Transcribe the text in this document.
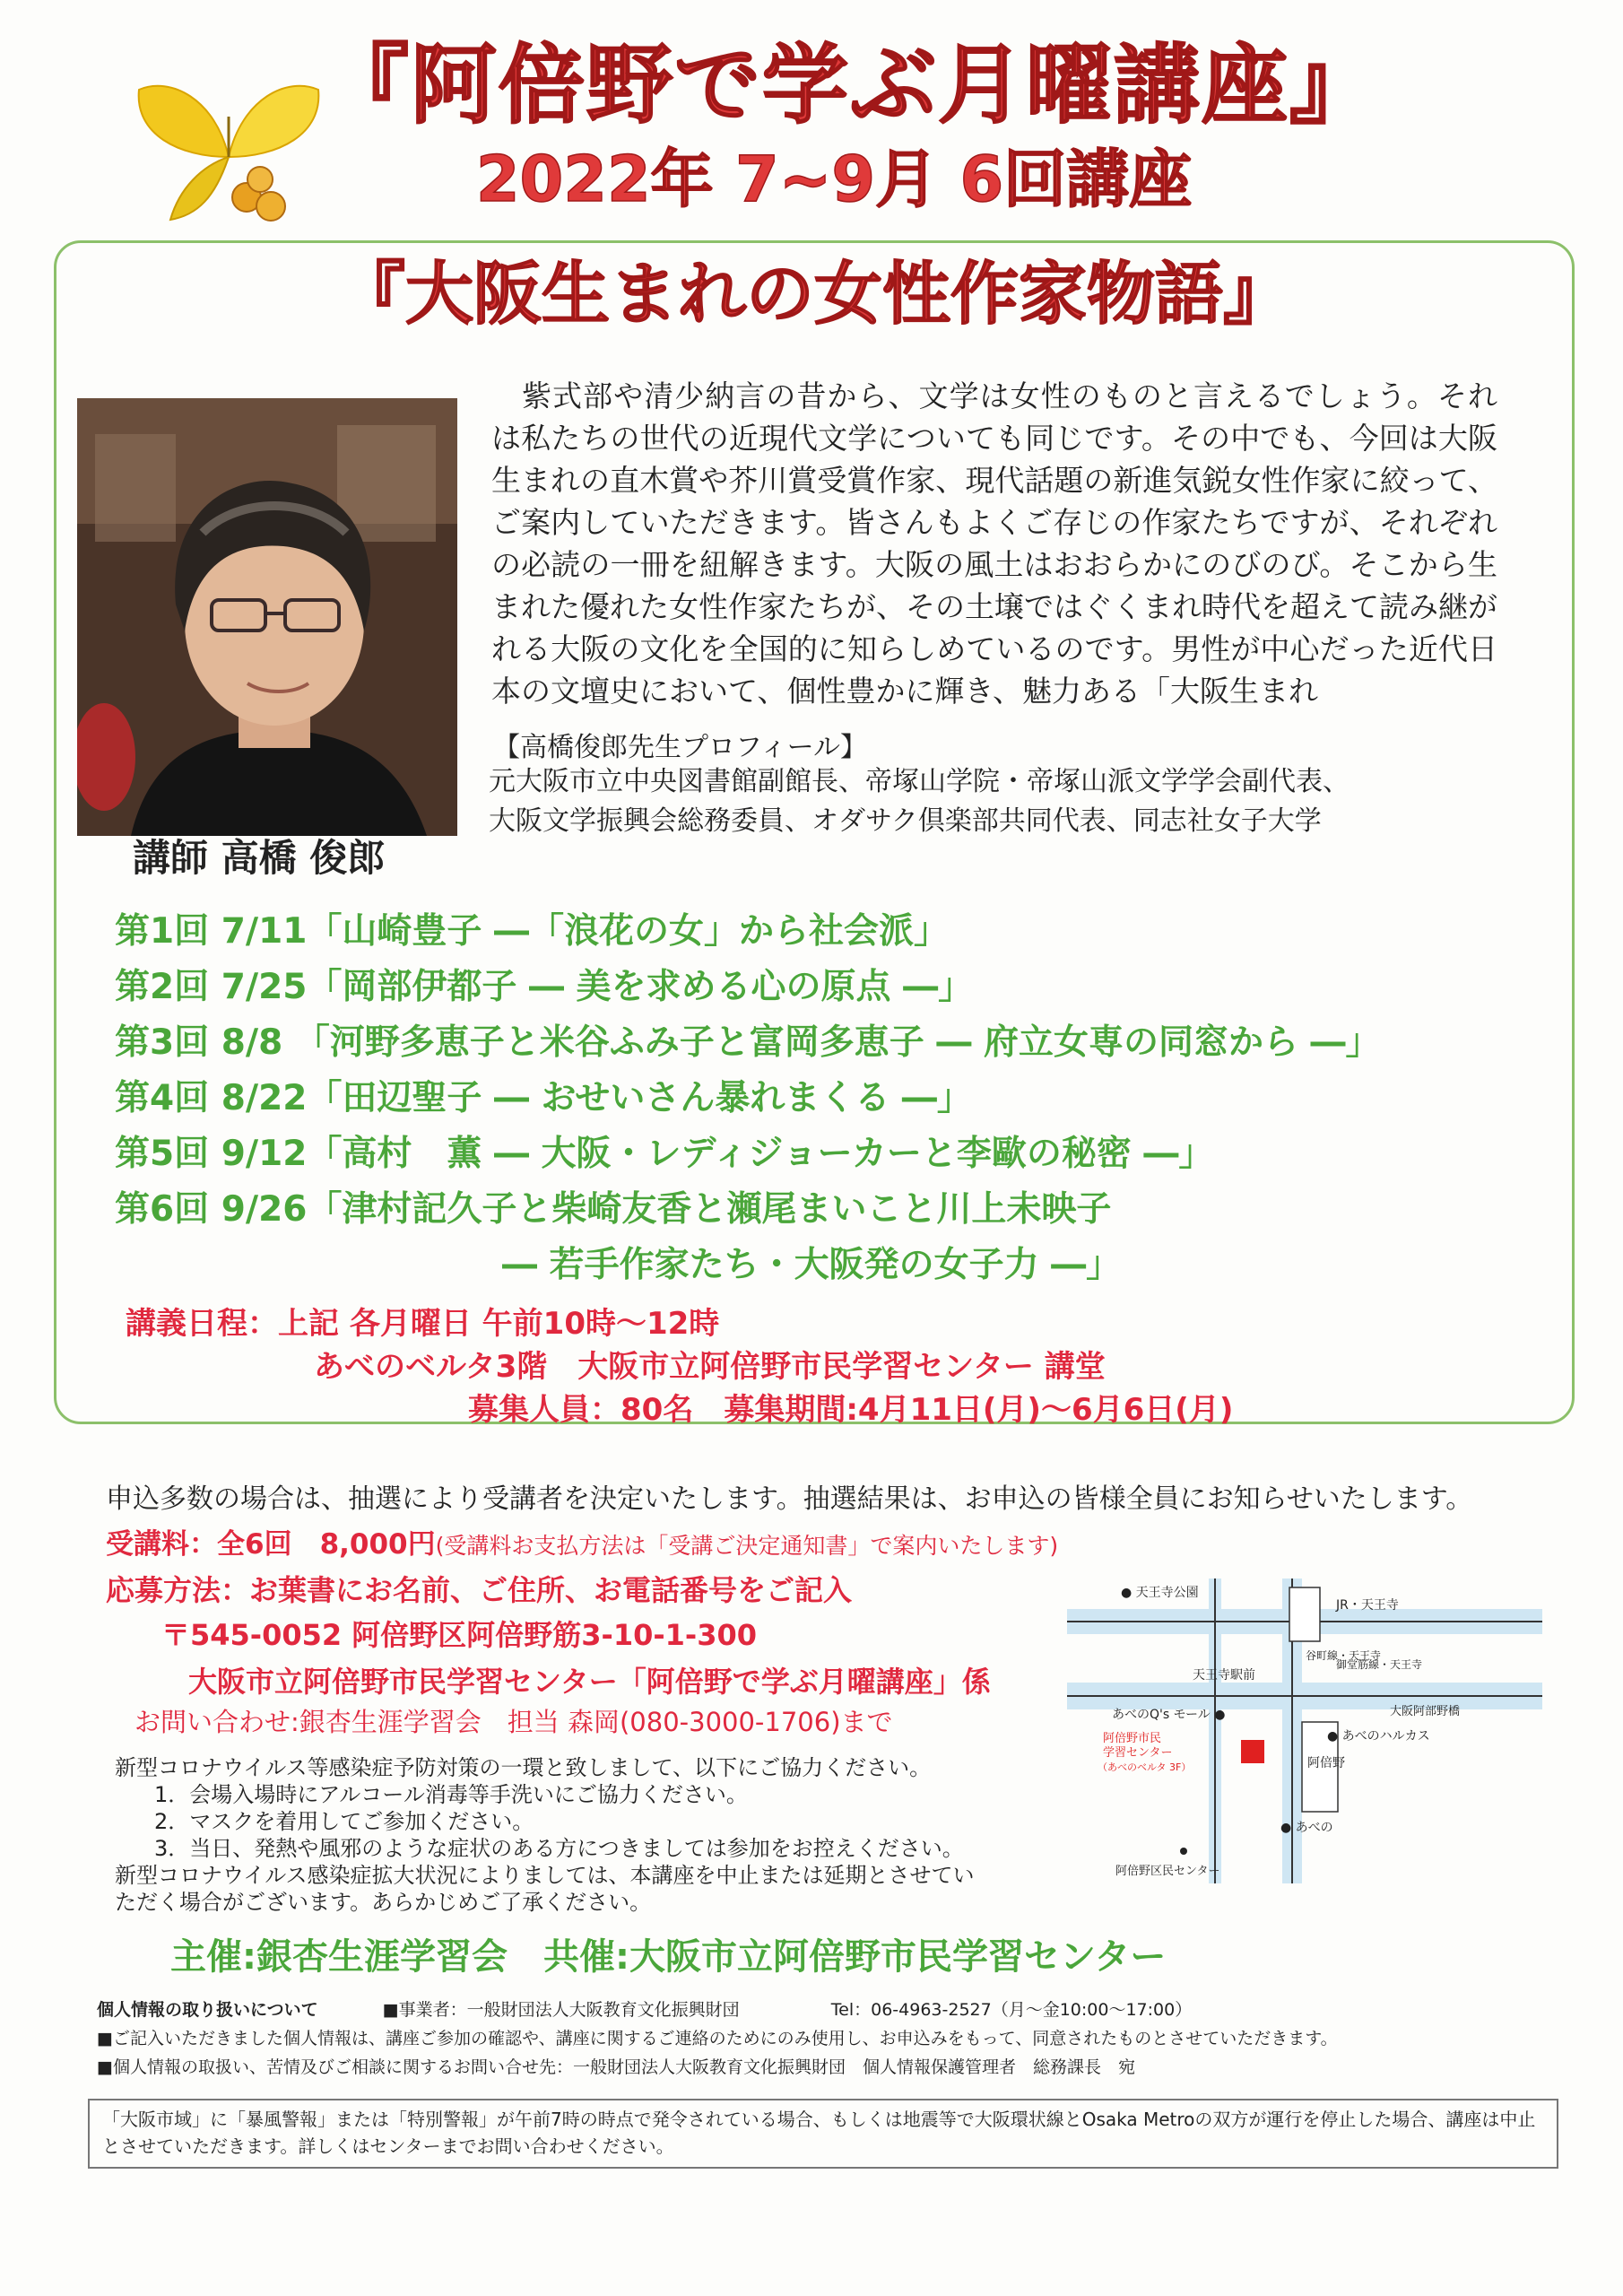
『阿倍野で学ぶ月曜講座』
2022年 7~9月 6回講座
『大阪生まれの女性作家物語』
講師 高橋 俊郎
紫式部や清少納言の昔から、文学は女性のものと言えるでしょう。それは私たちの世代の近現代文学についても同じです。その中でも、今回は大阪生まれの直木賞や芥川賞受賞作家、現代話題の新進気鋭女性作家に絞って、ご案内していただきます。皆さんもよくご存じの作家たちですが、それぞれの必読の一冊を紐解きます。大阪の風土はおおらかにのびのび。そこから生まれた優れた女性作家たちが、その土壌ではぐくまれ時代を超えて読み継がれる大阪の文化を全国的に知らしめているのです。男性が中心だった近代日本の文壇史において、個性豊かに輝き、魅力ある「大阪生まれ
【高橋俊郎先生プロフィール】
元大阪市立中央図書館副館長、帝塚山学院・帝塚山派文学学会副代表、
大阪文学振興会総務委員、オダサク倶楽部共同代表、同志社女子大学
第1回 7/11「山崎豊子 ―「浪花の女」から社会派」
第2回 7/25「岡部伊都子 ― 美を求める心の原点 ―」
第3回 8/8 「河野多恵子と米谷ふみ子と富岡多恵子 ― 府立女専の同窓から ―」
第4回 8/22「田辺聖子 ― おせいさん暴れまくる ―」
第5回 9/12「高村　薫 ― 大阪・レディジョーカーと李歐の秘密 ―」
第6回 9/26「津村記久子と柴崎友香と瀬尾まいこと川上未映子
― 若手作家たち・大阪発の女子力 ―」
講義日程：上記 各月曜日 午前10時～12時
あべのベルタ3階　大阪市立阿倍野市民学習センター 講堂
募集人員：80名　募集期間:4月11日(月)～6月6日(月)
申込多数の場合は、抽選により受講者を決定いたします。抽選結果は、お申込の皆様全員にお知らせいたします。
受講料：全6回　8,000円(受講料お支払方法は「受講ご決定通知書」で案内いたします)
応募方法：お葉書にお名前、ご住所、お電話番号をご記入
〒545-0052 阿倍野区阿倍野筋3-10-1-300
大阪市立阿倍野市民学習センター「阿倍野で学ぶ月曜講座」係
お問い合わせ:銀杏生涯学習会　担当 森岡(080-3000-1706)まで
新型コロナウイルス等感染症予防対策の一環と致しまして、以下にご協力ください。
1．会場入場時にアルコール消毒等手洗いにご協力ください。
2．マスクを着用してご参加ください。
3．当日、発熱や風邪のような症状のある方につきましては参加をお控えください。
新型コロナウイルス感染症拡大状況によりましては、本講座を中止または延期とさせてい
ただく場合がございます。あらかじめご了承ください。
● 天王寺公園
JR・天王寺
谷町線・天王寺
御堂筋線・天王寺
天王寺駅前
大阪阿部野橋
あべのQ's モール ●
● あべのハルカス
阿倍野市民
学習センター
（あべのベルタ 3F）	阿倍野
● あべの
阿倍野区民センター
主催:銀杏生涯学習会　共催:大阪市立阿倍野市民学習センター
個人情報の取り扱いについて	■事業者：一般財団法人大阪教育文化振興財団	Tel：06-4963-2527（月～金10:00～17:00）
■ご記入いただきました個人情報は、講座ご参加の確認や、講座に関するご連絡のためにのみ使用し、お申込みをもって、同意されたものとさせていただきます。
■個人情報の取扱い、苦情及びご相談に関するお問い合せ先：一般財団法人大阪教育文化振興財団　個人情報保護管理者　総務課長　宛
「大阪市域」に「暴風警報」または「特別警報」が午前7時の時点で発令されている場合、もしくは地震等で大阪環状線とOsaka Metroの双方が運行を停止した場合、講座は中止とさせていただきます。詳しくはセンターまでお問い合わせください。
